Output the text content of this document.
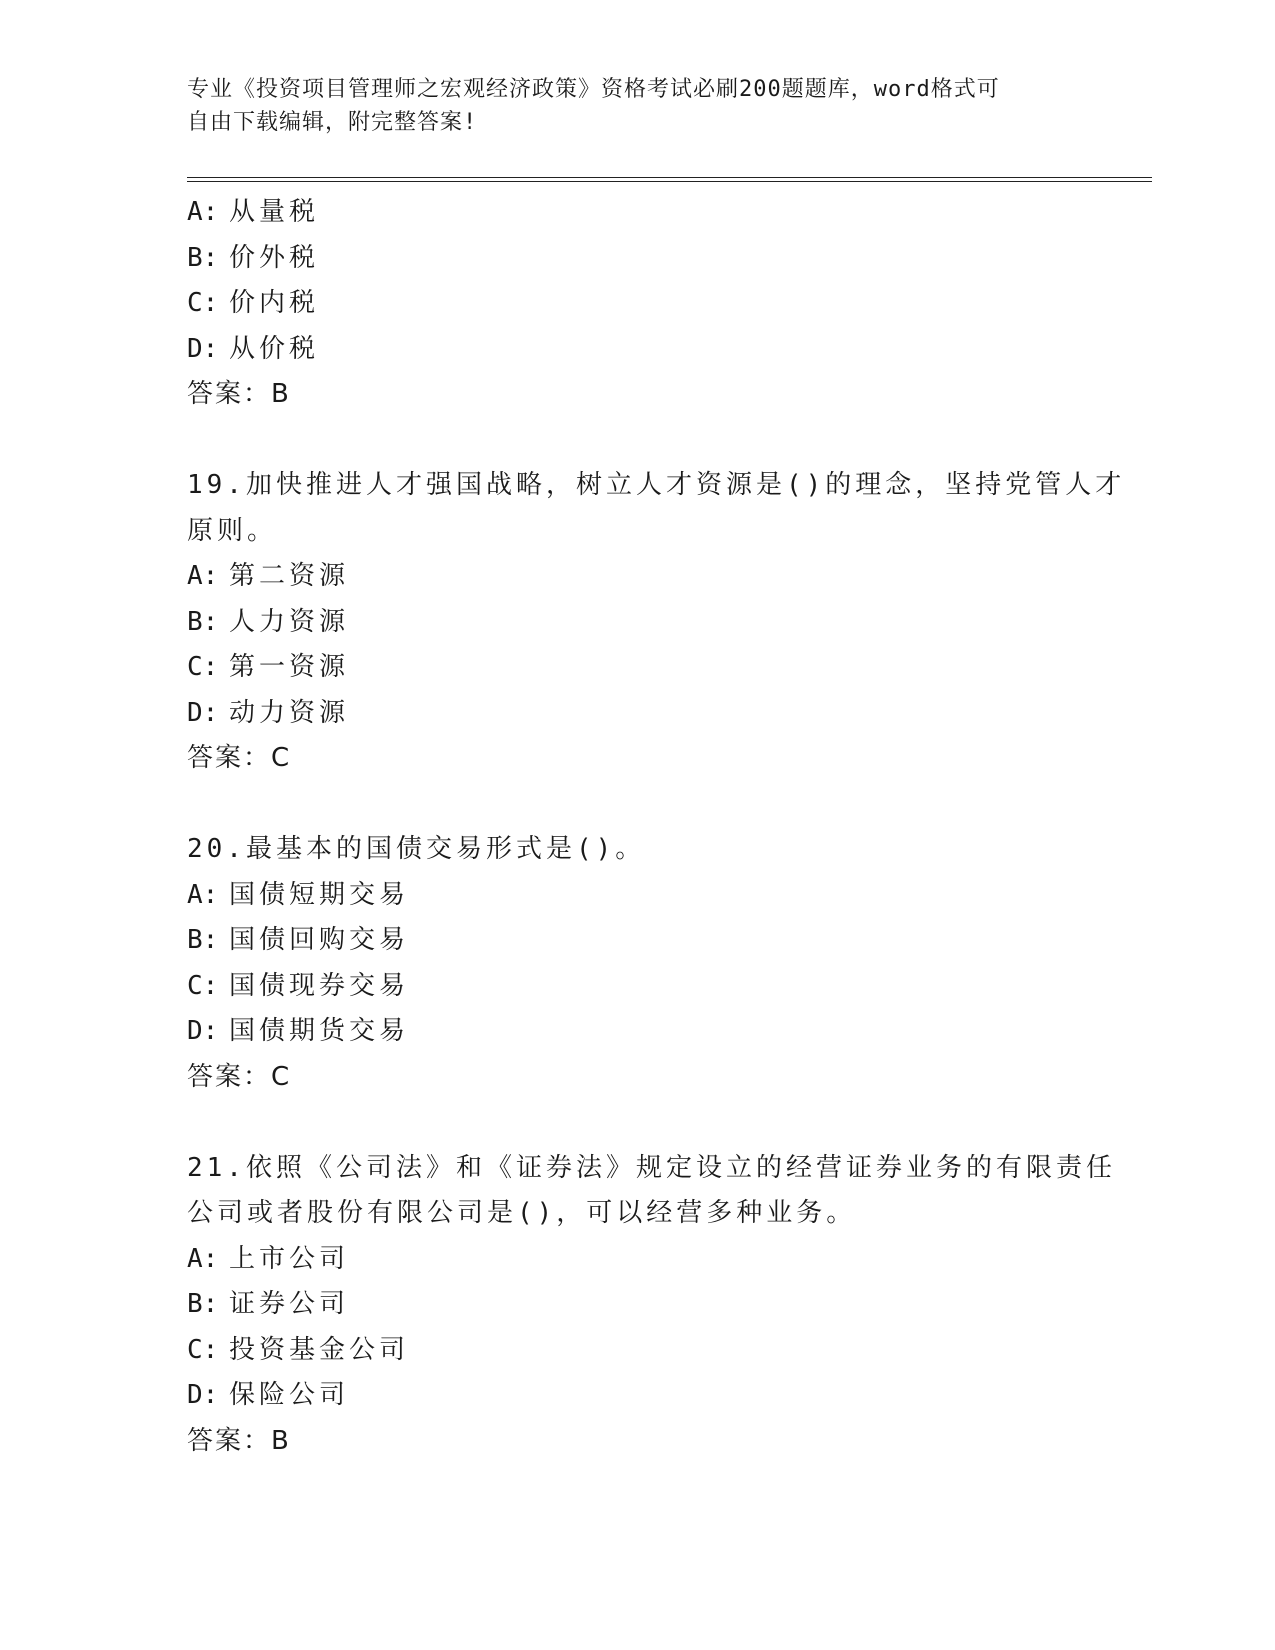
专业《投资项目管理师之宏观经济政策》资格考试必刷200题题库，word格式可
自由下载编辑，附完整答案!
A: 从量税
B: 价外税
C: 价内税
D: 从价税
答案：B
19.加快推进人才强国战略，树立人才资源是()的理念，坚持党管人才
原则。
A: 第二资源
B: 人力资源
C: 第一资源
D: 动力资源
答案：C
20.最基本的国债交易形式是()。
A: 国债短期交易
B: 国债回购交易
C: 国债现券交易
D: 国债期货交易
答案：C
21.依照《公司法》和《证券法》规定设立的经营证券业务的有限责任
公司或者股份有限公司是()，可以经营多种业务。
A: 上市公司
B: 证券公司
C: 投资基金公司
D: 保险公司
答案：B
